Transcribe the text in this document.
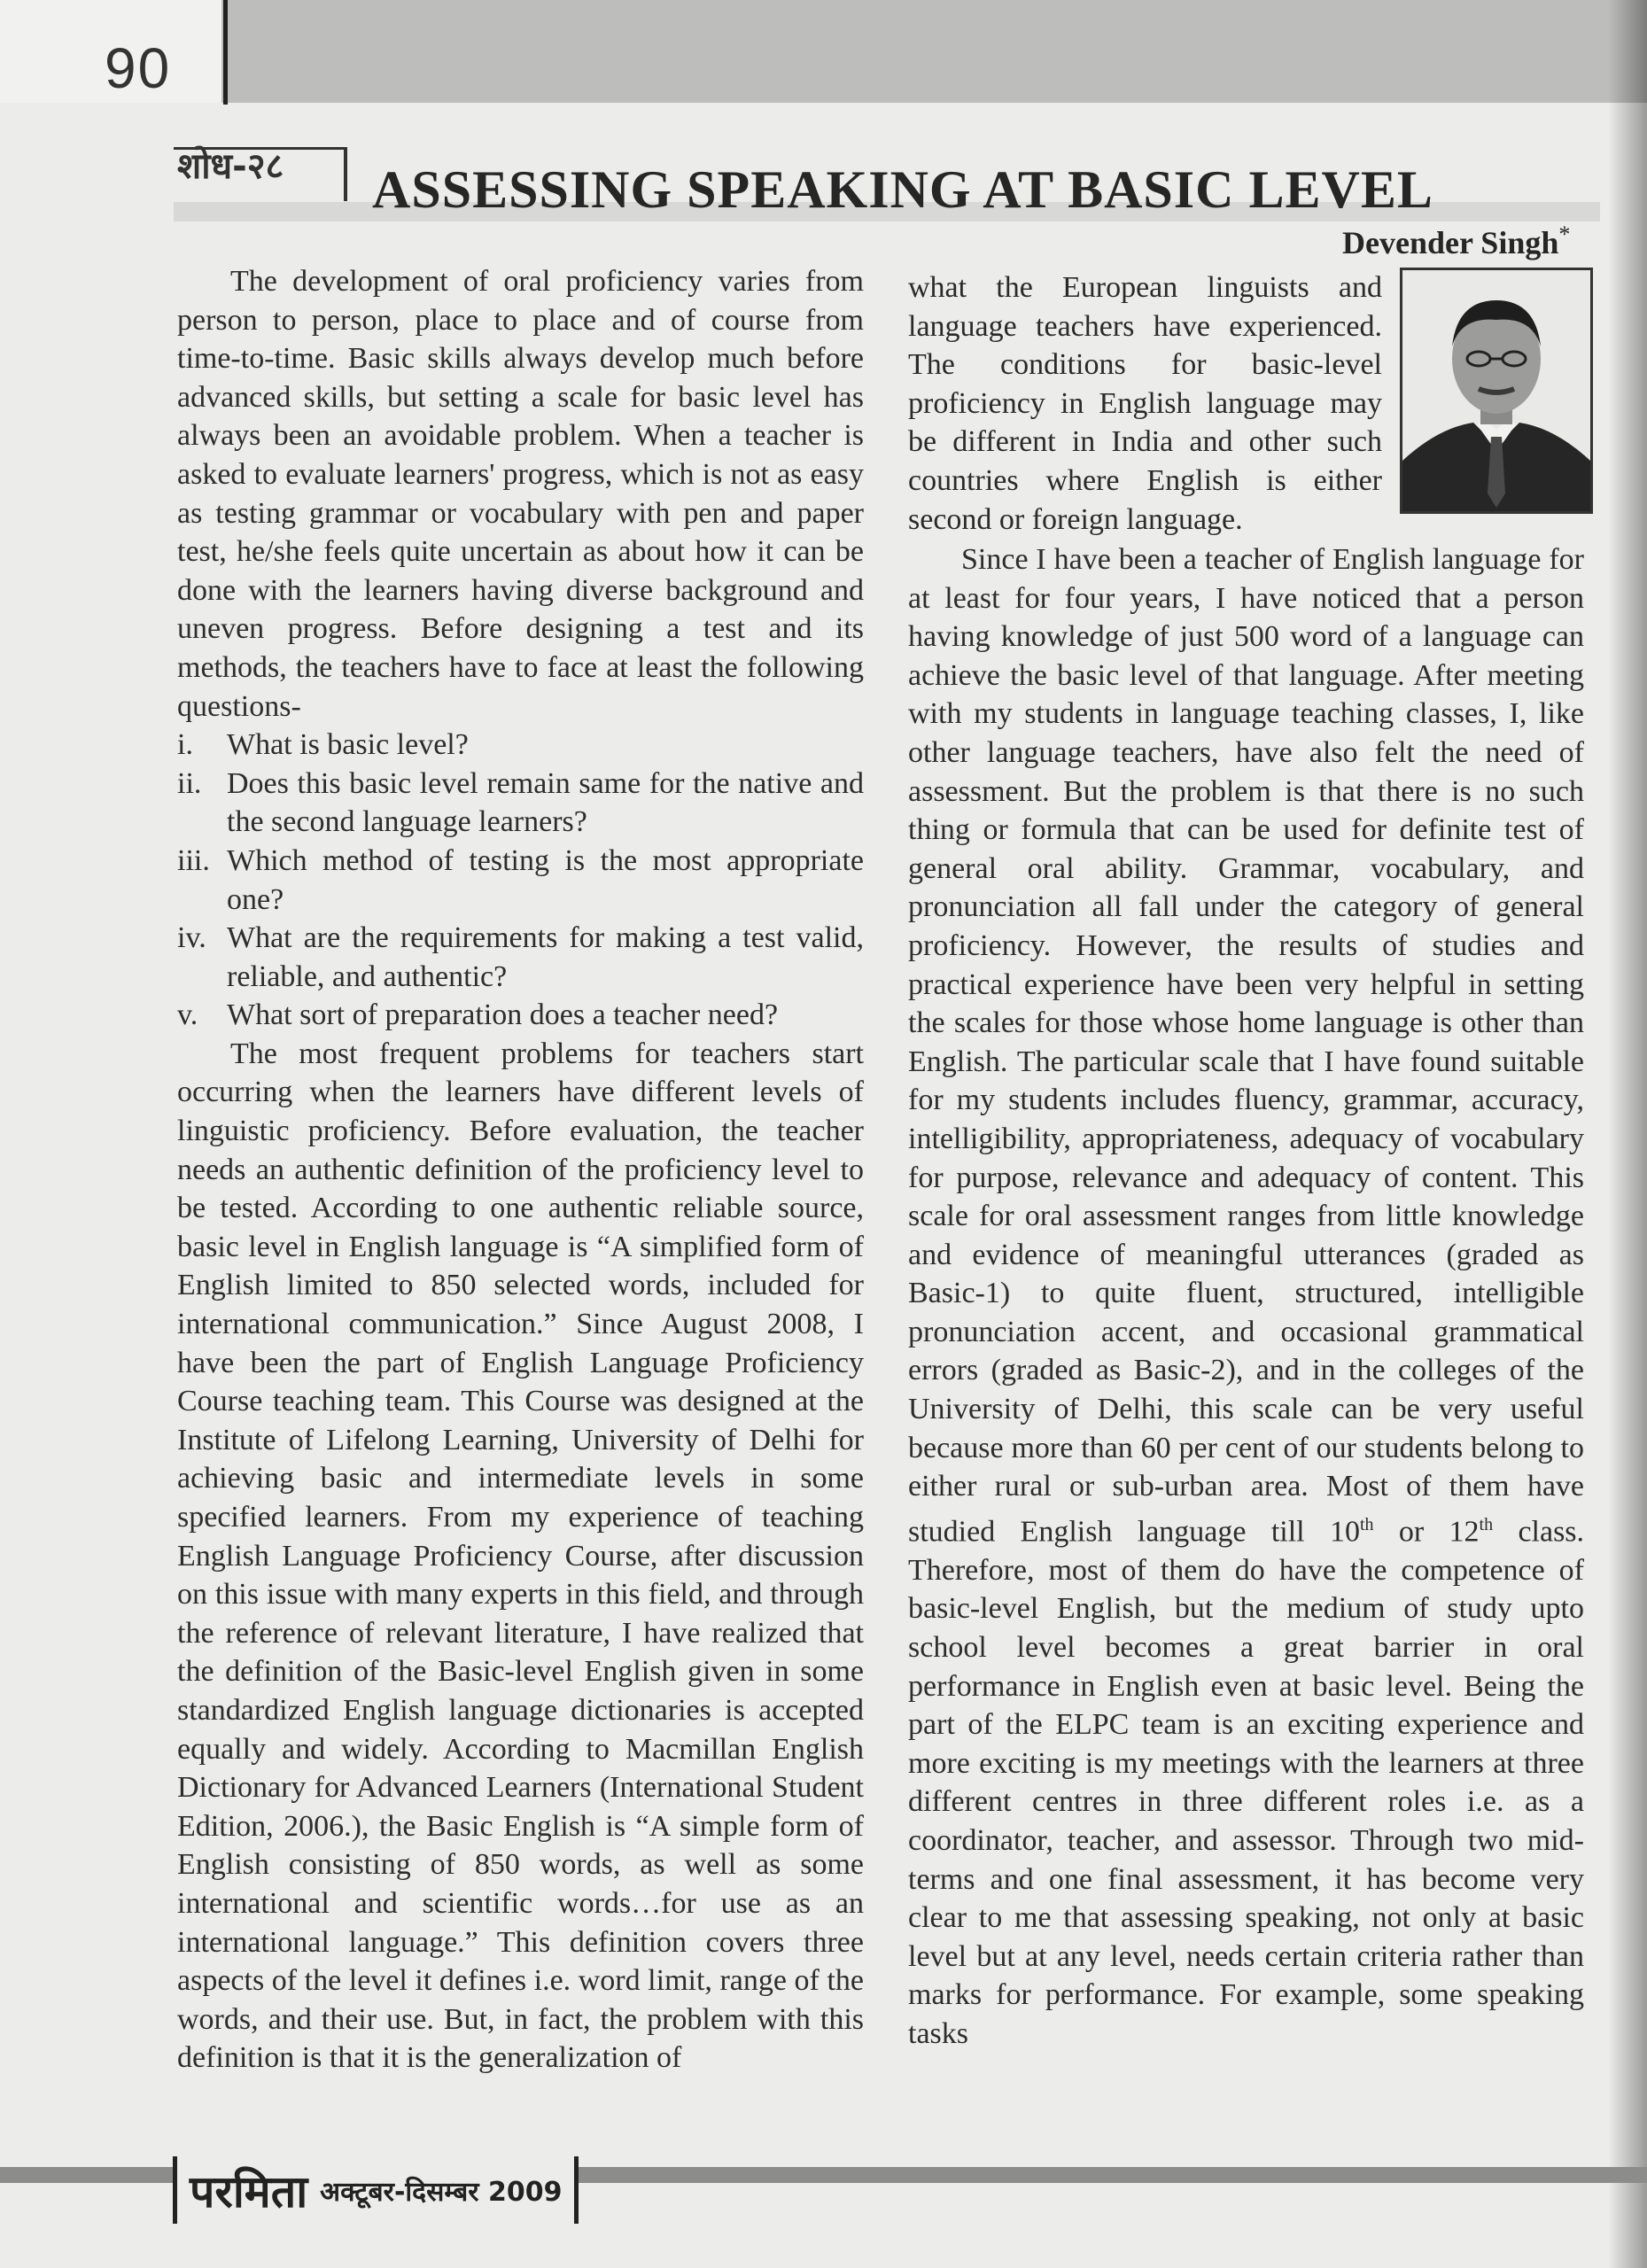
90
शोध-२८ ASSESSING SPEAKING AT BASIC LEVEL
Devender Singh*

The development of oral proficiency varies from person to person, place to place and of course from time-to-time. Basic skills always develop much before advanced skills, but setting a scale for basic level has always been an avoidable problem. When a teacher is asked to evaluate learners' progress, which is not as easy as testing grammar or vocabulary with pen and paper test, he/she feels quite uncertain as about how it can be done with the learners having diverse background and uneven progress. Before designing a test and its methods, the teachers have to face at least the following questions-

i.	What is basic level?
ii. Does this basic level remain same for the native and the second language learners?
iii. Which method of testing is the most appropriate one?
iv. What are the requirements for making a test valid, reliable, and authentic?
v. What sort of preparation does a teacher need?

The most frequent problems for teachers start occurring when the learners have different levels of linguistic proficiency. Before evaluation, the teacher needs an authentic definition of the proficiency level to be tested. According to one authentic reliable source, basic level in English language is “A simplified form of English limited to 850 selected words, included for international communication.” Since August 2008, I have been the part of English Language Proficiency Course teaching team. This Course was designed at the Institute of Lifelong Learning, University of Delhi for achieving basic and intermediate levels in some specified learners. From my experience of teaching English Language Proficiency Course, after discussion on this issue with many experts in this field, and through the reference of relevant literature, I have realized that the definition of the Basic-level English given in some standardized English language dictionaries is accepted equally and widely. According to Macmillan English Dictionary for Advanced Learners (International Student Edition, 2006.), the Basic English is “A simple form of English consisting of 850 words, as well as some international and scientific words…for use as an international language.” This definition covers three aspects of the level it defines i.e. word limit, range of the words, and their use. But, in fact, the problem with this definition is that it is the generalization of

what the European linguists and language teachers have experienced. The conditions for basic-level proficiency in English language may be different in India and other such countries where English is either second or foreign language.

Since I have been a teacher of English language for at least for four years, I have noticed that a person having knowledge of just 500 word of a language can achieve the basic level of that language. After meeting with my students in language teaching classes, I, like other language teachers, have also felt the need of assessment. But the problem is that there is no such thing or formula that can be used for definite test of general oral ability. Grammar, vocabulary, and pronunciation all fall under the category of general proficiency. However, the results of studies and practical experience have been very helpful in setting the scales for those whose home language is other than English. The particular scale that I have found suitable for my students includes fluency, grammar, accuracy, intelligibility, appropriateness, adequacy of vocabulary for purpose, relevance and adequacy of content. This scale for oral assessment ranges from little knowledge and evidence of meaningful utterances (graded as Basic-1) to quite fluent, structured, intelligible pronunciation accent, and occasional grammatical errors (graded as Basic-2), and in the colleges of the University of Delhi, this scale can be very useful because more than 60 per cent of our students belong to either rural or sub-urban area. Most of them have studied English language till 10th or 12th class. Therefore, most of them do have the competence of basic-level English, but the medium of study upto school level becomes a great barrier in oral performance in English even at basic level. Being the part of the ELPC team is an exciting experience and more exciting is my meetings with the learners at three different centres in three different roles i.e. as a coordinator, teacher, and assessor. Through two mid-terms and one final assessment, it has become very clear to me that assessing speaking, not only at basic level but at any level, needs certain criteria rather than marks for performance. For example, some speaking tasks

परमिता अक्टूबर-दिसम्बर 2009
